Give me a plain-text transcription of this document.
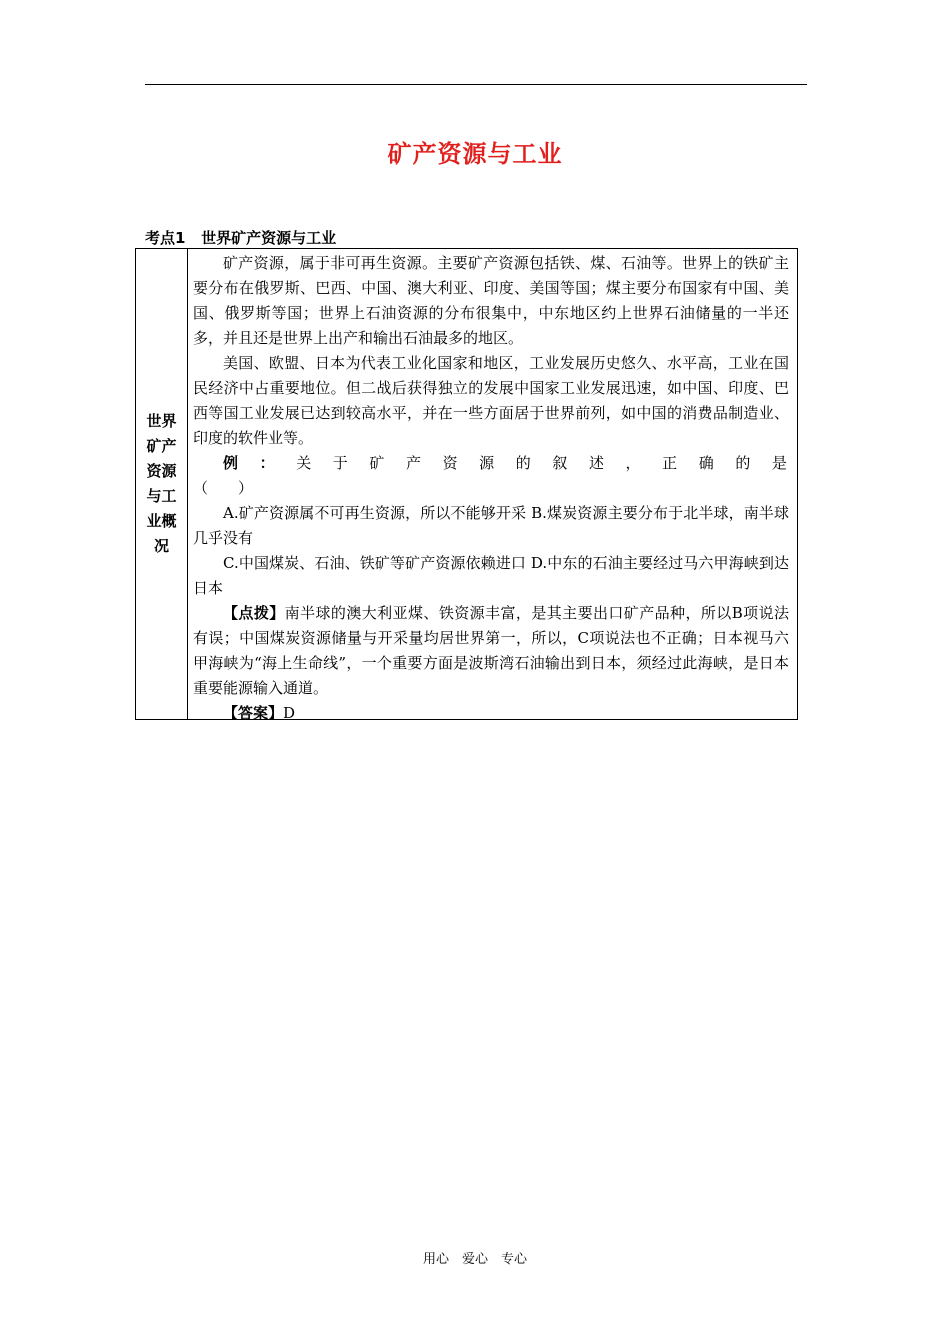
矿产资源与工业
考点1 世界矿产资源与工业
世界矿产资源与工业概况

矿产资源，属于非可再生资源。主要矿产资源包括铁、煤、石油等。世界上的铁矿主要分布在俄罗斯、巴西、中国、澳大利亚、印度、美国等国；煤主要分布国家有中国、美国、俄罗斯等国；世界上石油资源的分布很集中，中东地区约上世界石油储量的一半还多，并且还是世界上出产和输出石油最多的地区。

美国、欧盟、日本为代表工业化国家和地区，工业发展历史悠久、水平高，工业在国民经济中占重要地位。但二战后获得独立的发展中国家工业发展迅速，如中国、印度、巴西等国工业发展已达到较高水平，并在一些方面居于世界前列，如中国的消费品制造业、印度的软件业等。

例 ： 关 于 矿 产 资 源 的 叙 述 ， 正 确 的 是

（　　）

A.矿产资源属不可再生资源，所以不能够开采 B.煤炭资源主要分布于北半球，南半球几乎没有

C.中国煤炭、石油、铁矿等矿产资源依赖进口 D.中东的石油主要经过马六甲海峡到达日本

【点拨】南半球的澳大利亚煤、铁资源丰富，是其主要出口矿产品种，所以B项说法有误；中国煤炭资源储量与开采量均居世界第一，所以，C项说法也不正确；日本视马六甲海峡为“海上生命线”，一个重要方面是波斯湾石油输出到日本，须经过此海峡，是日本重要能源输入通道。

【答案】D

用心　爱心　专心
